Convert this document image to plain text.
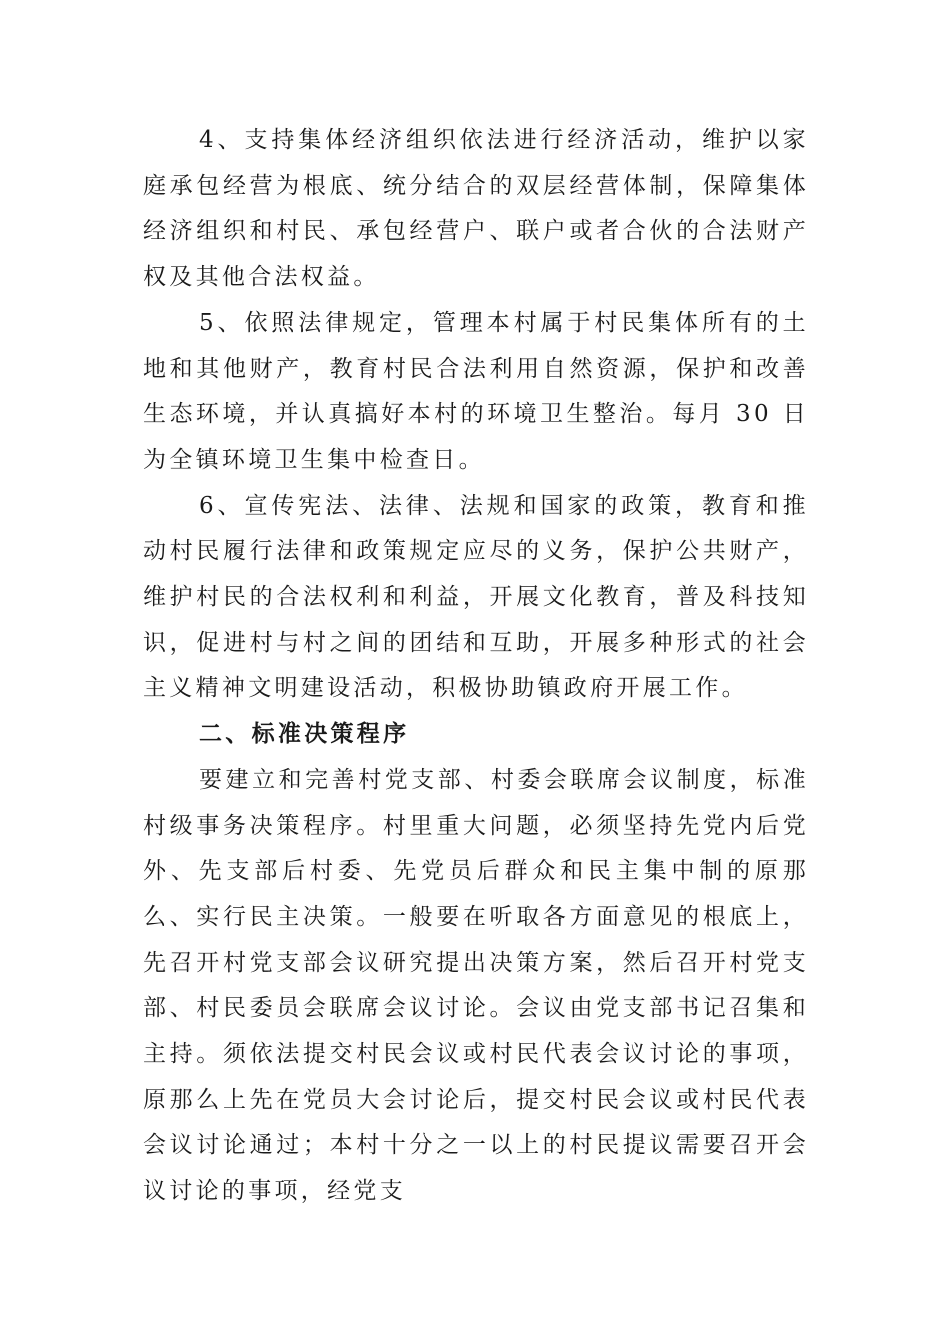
4、支持集体经济组织依法进行经济活动，维护以家庭承包经营为根底、统分结合的双层经营体制，保障集体经济组织和村民、承包经营户、联户或者合伙的合法财产权及其他合法权益。

5、依照法律规定，管理本村属于村民集体所有的土地和其他财产，教育村民合法利用自然资源，保护和改善生态环境，并认真搞好本村的环境卫生整治。每月 30 日为全镇环境卫生集中检查日。

6、宣传宪法、法律、法规和国家的政策，教育和推动村民履行法律和政策规定应尽的义务，保护公共财产，维护村民的合法权利和利益，开展文化教育，普及科技知识，促进村与村之间的团结和互助，开展多种形式的社会主义精神文明建设活动，积极协助镇政府开展工作。

二、标准决策程序

要建立和完善村党支部、村委会联席会议制度，标准村级事务决策程序。村里重大问题，必须坚持先党内后党外、先支部后村委、先党员后群众和民主集中制的原那么、实行民主决策。一般要在听取各方面意见的根底上，先召开村党支部会议研究提出决策方案，然后召开村党支部、村民委员会联席会议讨论。会议由党支部书记召集和主持。须依法提交村民会议或村民代表会议讨论的事项，原那么上先在党员大会讨论后，提交村民会议或村民代表会议讨论通过；本村十分之一以上的村民提议需要召开会议讨论的事项，经党支
